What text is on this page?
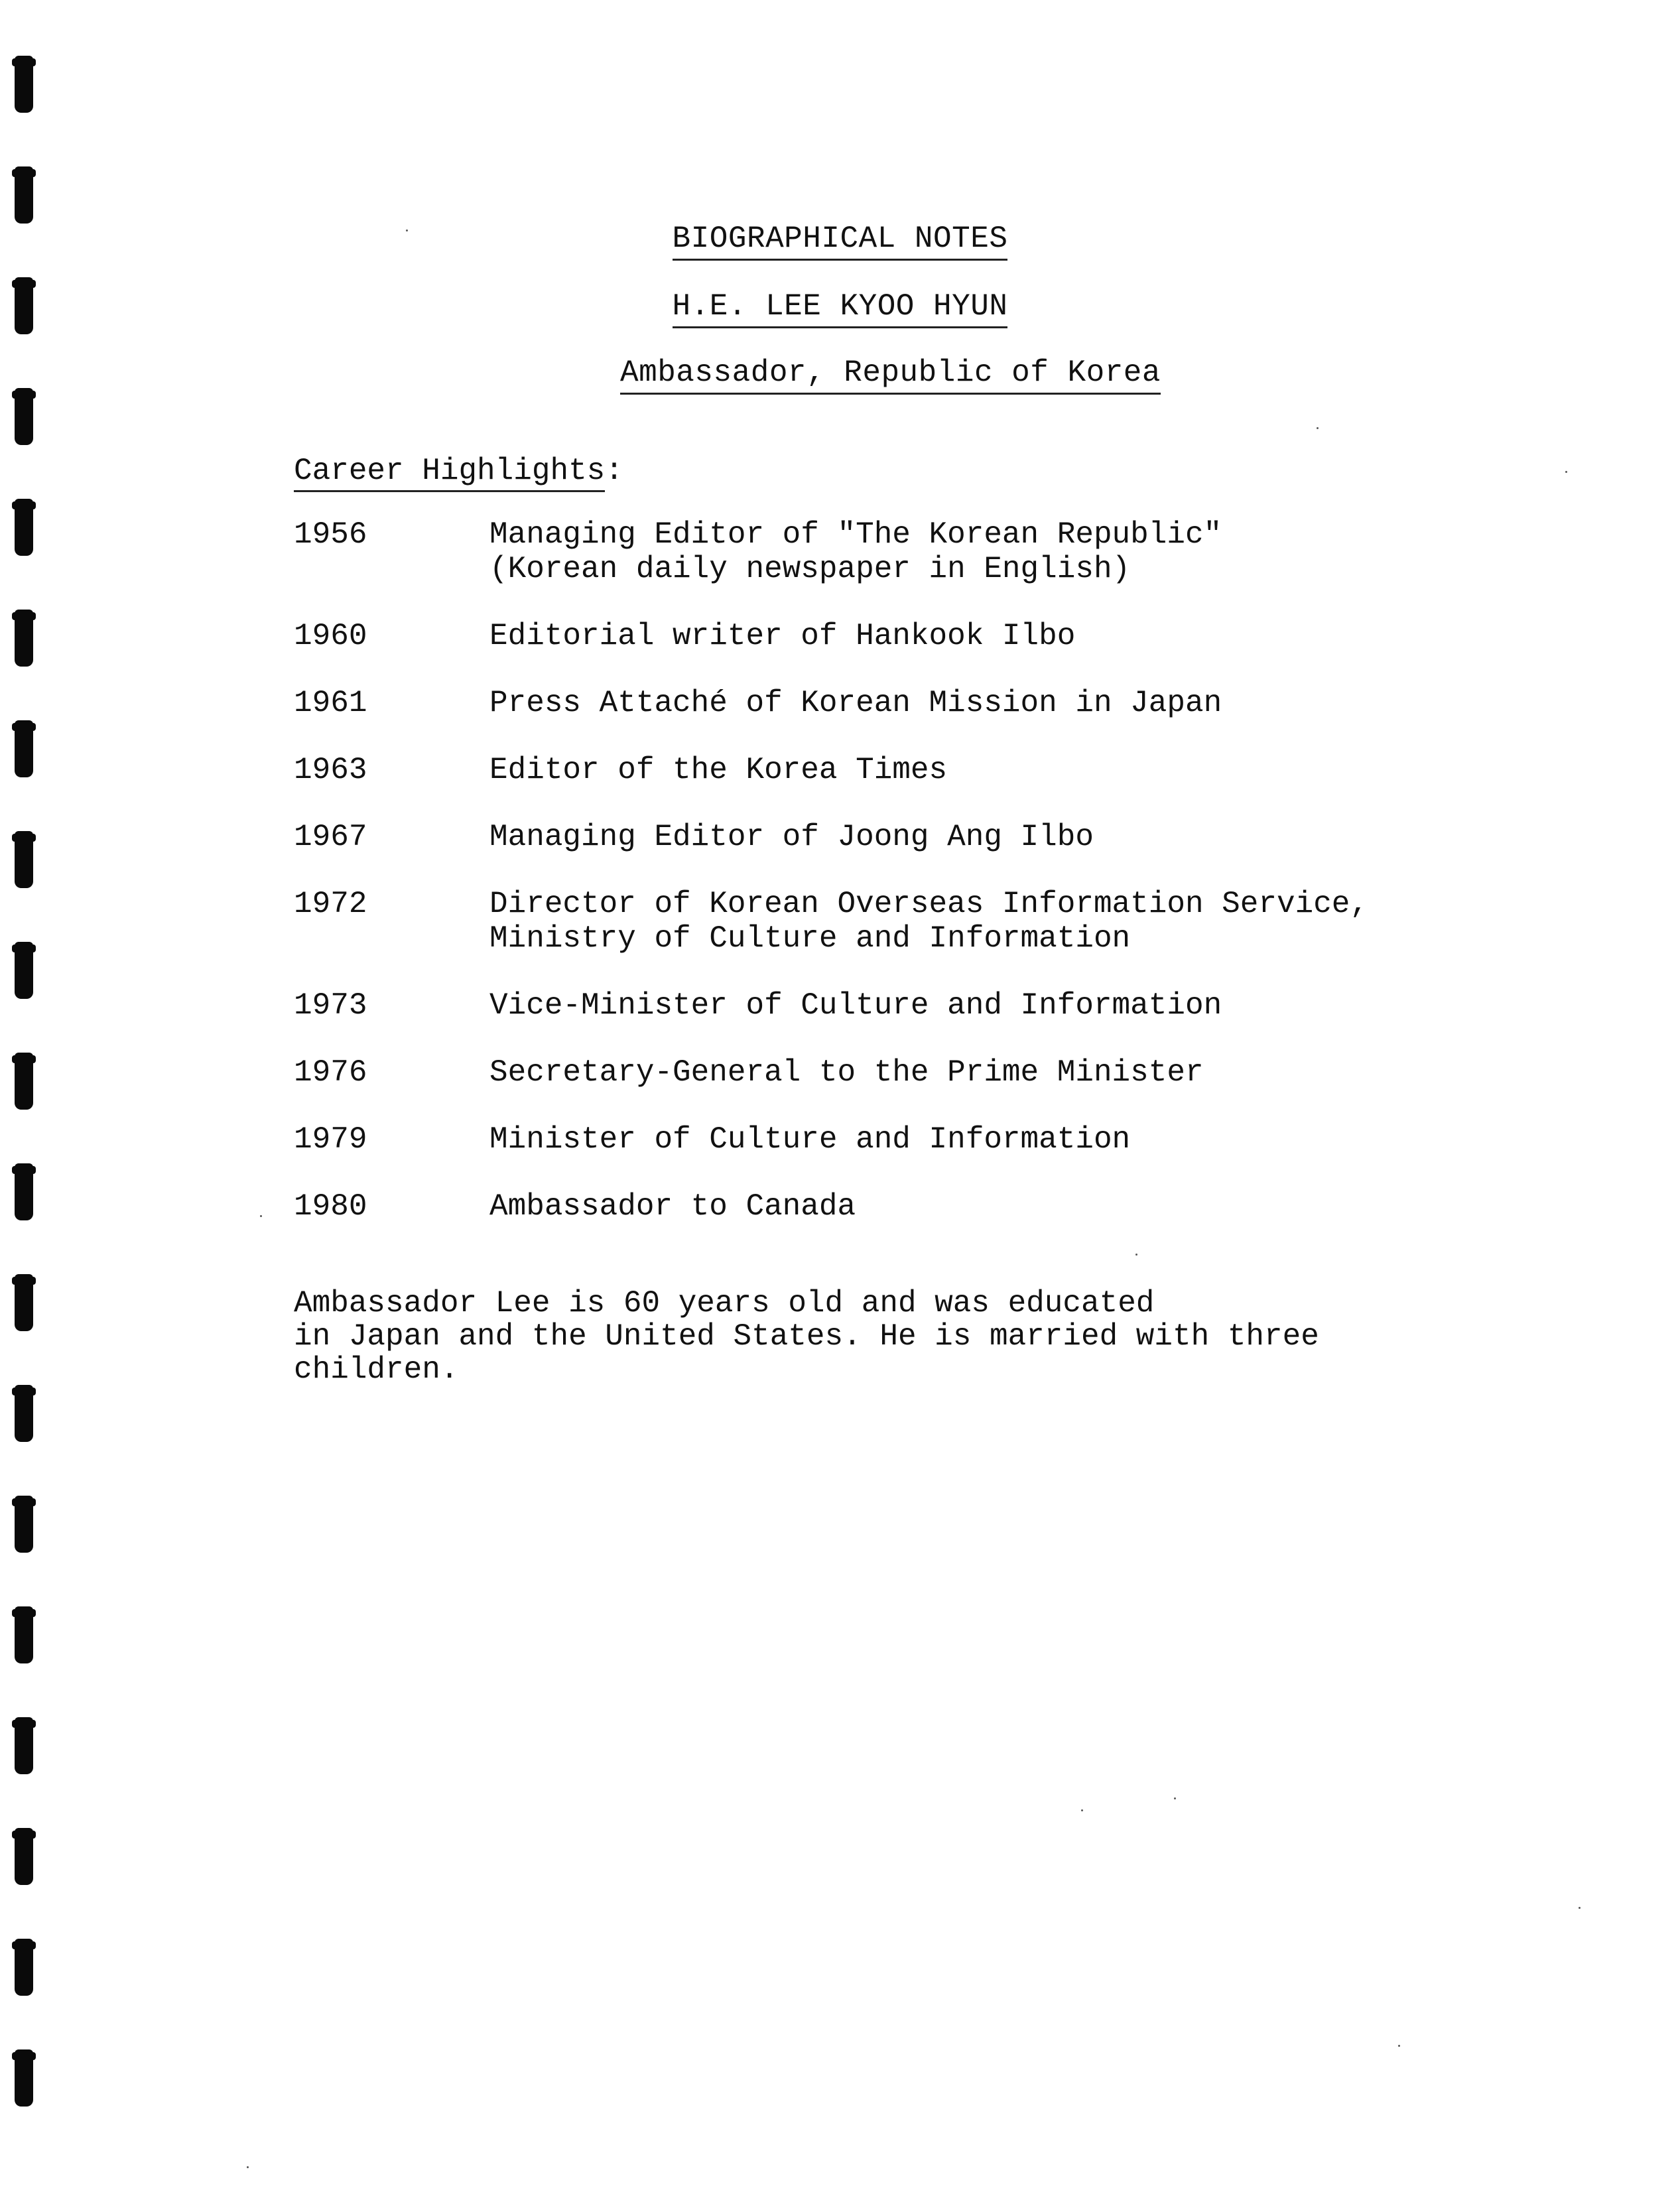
BIOGRAPHICAL NOTES
H.E. LEE KYOO HYUN
Ambassador, Republic of Korea
Career Highlights:
1956	Managing Editor of "The Korean Republic"
(Korean daily newspaper in English)
1960	Editorial writer of Hankook Ilbo
1961	Press Attaché of Korean Mission in Japan
1963	Editor of the Korea Times
1967	Managing Editor of Joong Ang Ilbo
1972	Director of Korean Overseas Information Service,
Ministry of Culture and Information
1973	Vice-Minister of Culture and Information
1976	Secretary-General to the Prime Minister
1979	Minister of Culture and Information
1980	Ambassador to Canada
Ambassador Lee is 60 years old and was educated
in Japan and the United States. He is married with three
children.
